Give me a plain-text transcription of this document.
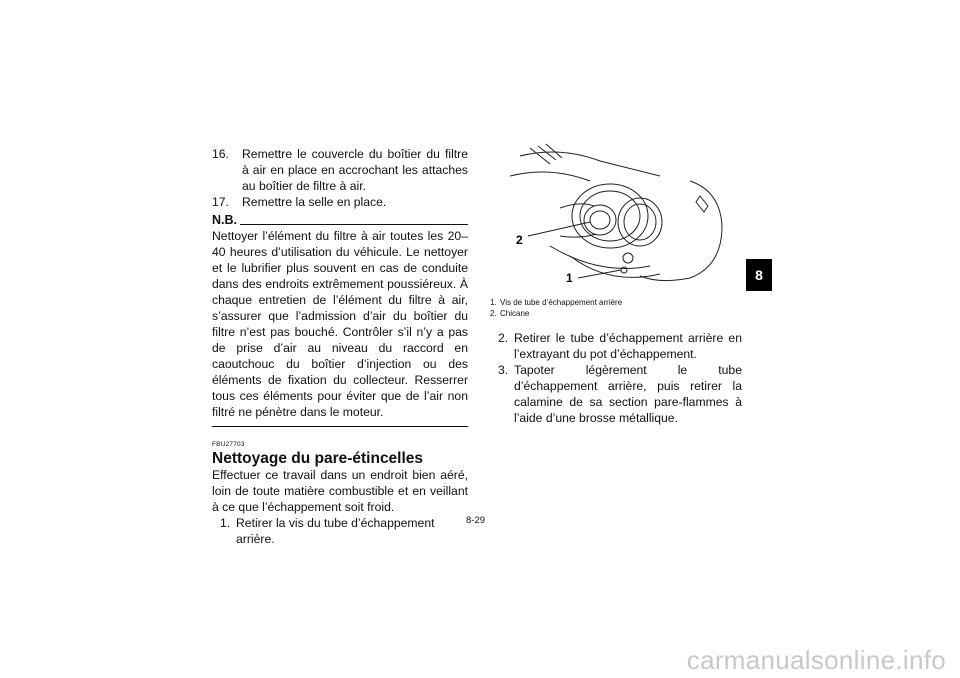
16.	Remettre le couvercle du boîtier du filtre à air en place en accrochant les attaches au boîtier de filtre à air.
17.	Remettre la selle en place.
N.B.
Nettoyer l’élément du filtre à air toutes les 20–40 heures d’utilisation du véhicule. Le nettoyer et le lubrifier plus souvent en cas de conduite dans des endroits extrêmement poussiéreux. À chaque entretien de l’élément du filtre à air, s’assurer que l’admission d’air du boîtier du filtre n’est pas bouché. Contrôler s’il n’y a pas de prise d’air au niveau du raccord en caoutchouc du boîtier d’injection ou des éléments de fixation du collecteur. Resserrer tous ces éléments pour éviter que de l’air non filtré ne pénètre dans le moteur.
FBU27703
Nettoyage du pare-étincelles
Effectuer ce travail dans un endroit bien aéré, loin de toute matière combustible et en veillant à ce que l’échappement soit froid.
1. Retirer la vis du tube d’échappement arrière.
2
1
1. Vis de tube d’échappement arrière
2. Chicane
2. Retirer le tube d’échappement arrière en l’extrayant du pot d’échappement.
3. Tapoter légèrement le tube d’échappement arrière, puis retirer la calamine de sa section pare-flammes à l’aide d’une brosse métallique.
8
8-29
carmanualsonline.info
